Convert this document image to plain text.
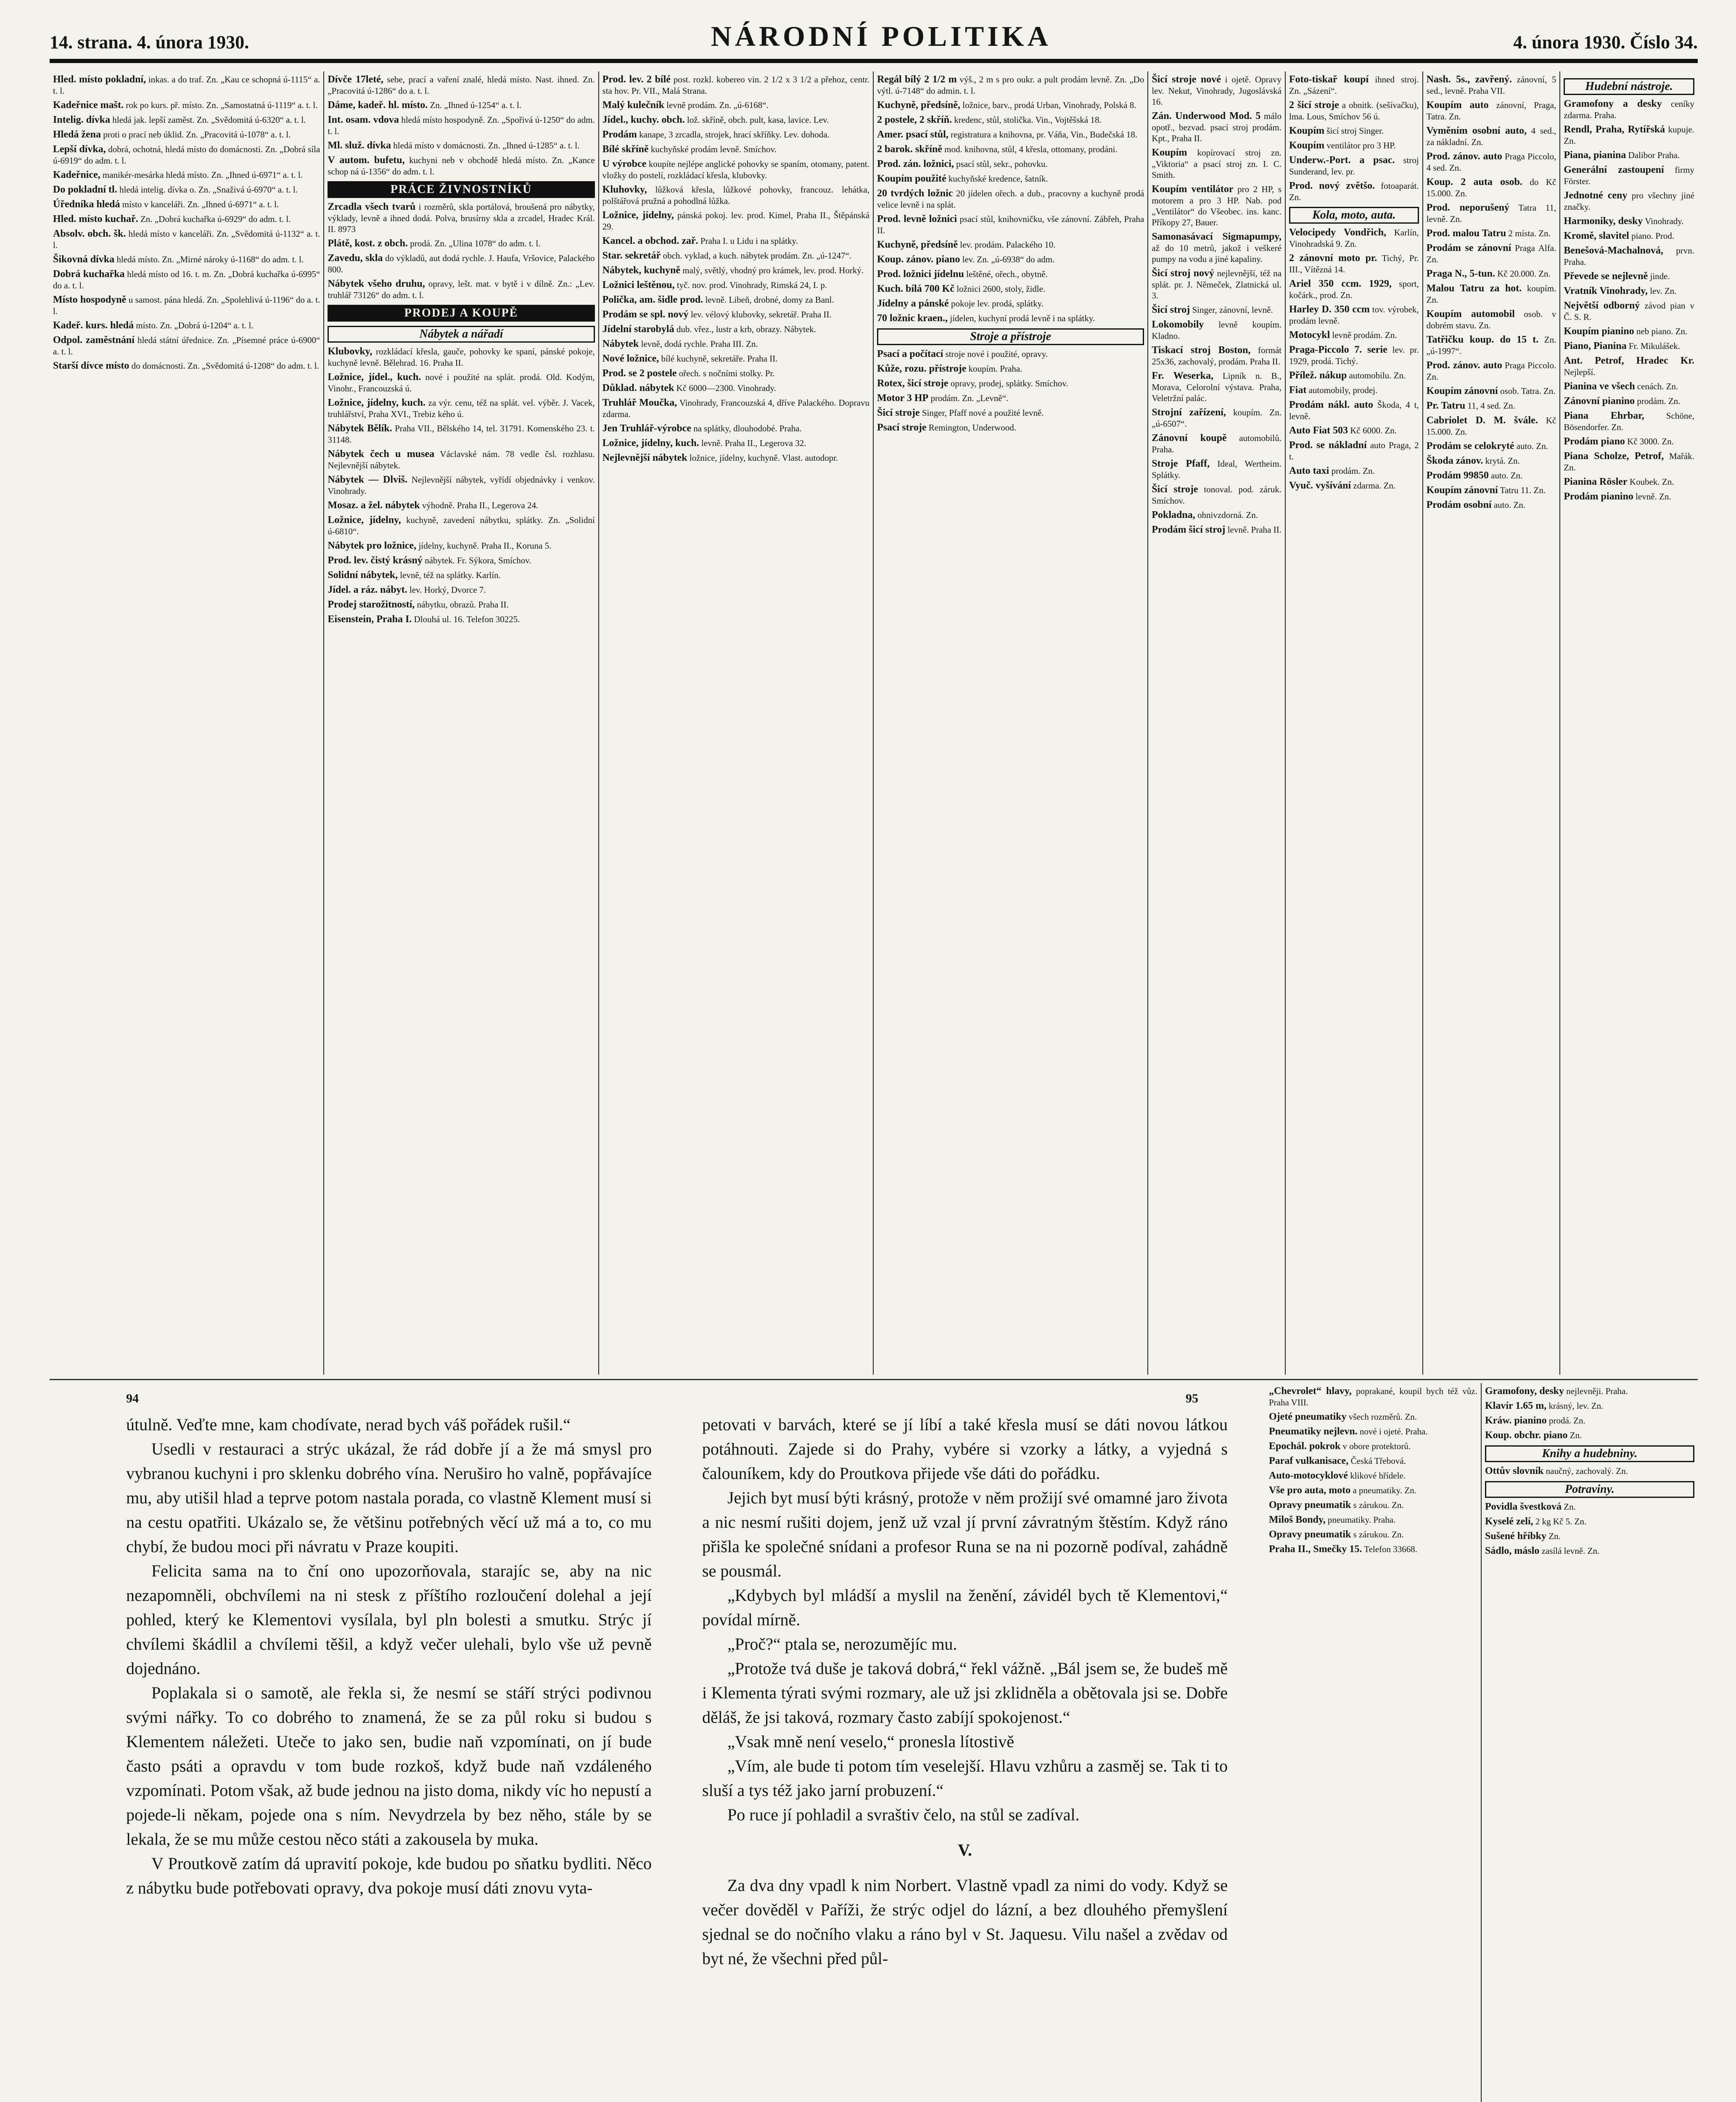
14. strana. 4. února 1930.	NÁRODNÍ POLITIKA	4. února 1930. Číslo 34.
Hled. místo pokladní, inkas. a do traf. Zn. „Kau ce schopná ú-1115“ a. t. l.
Kadeřnice mašt. rok po kurs. př. místo. Zn. „Samostatná ú-1119“ a. t. l.
Intelig. dívka hledá jak. lepší zaměst. Zn. „Svědomitá ú-6320“ a. t. l.
Hledá žena proti o prací neb úklid. Zn. „Pracovitá ú-1078“ a. t. l.
Lepší dívka, dobrá, ochotná, hledá místo do domácnosti. Zn. „Dobrá síla ú-6919“ do adm. t. l.
Kadeřnice, manikér-mesárka hledá místo. Zn. „Ihned ú-6971“ a. t. l.
Do pokladní tl. hledá intelig. dívka o. Zn. „Snaživá ú-6970“ a. t. l.
Úředníka hledá místo v kanceláři. Zn. „Ihned ú-6971“ a. t. l.
Hled. místo kuchař. Zn. „Dobrá kuchařka ú-6929“ do adm. t. l.
Absolv. obch. šk. hledá místo v kanceláři. Zn. „Svědomitá ú-1132“ a. t. l.
Šikovná dívka hledá místo. Zn. „Mirné nároky ú-1168“ do adm. t. l.
Dobrá kuchařka hledá místo od 16. t. m. Zn. „Dobrá kuchařka ú-6995“ do a. t. l.
Místo hospodyně u samost. pána hledá. Zn. „Spolehlivá ú-1196“ do a. t. l.
Kadeř. kurs. hledá místo. Zn. „Dobrá ú-1204“ a. t. l.
Odpol. zaměstnání hledá státní úřednice. Zn. „Písemné práce ú-6900“ a. t. l.
Starší dívce místo do domácnosti. Zn. „Svědomitá ú-1208“ do adm. t. l.
Dívče 17leté, sebe, prací a vaření znalé, hledá místo. Nast. ihned. Zn. „Pracovitá ú-1286“ do a. t. l.
Dáme, kadeř. hl. místo. Zn. „Ihned ú-1254“ a. t. l.
Int. osam. vdova hledá místo hospodyně. Zn. „Spořivá ú-1250“ do adm. t. l.
Ml. služ. dívka hledá místo v domácnosti. Zn. „Ihned ú-1285“ a. t. l.
V autom. bufetu, kuchyni neb v obchodě hledá místo. Zn. „Kance schop ná ú-1356“ do adm. t. l.
PRÁCE ŽIVNOSTNÍKŮ
Zrcadla všech tvarů i rozměrů, skla portálová, broušená pro nábytky, výklady, levně a ihned dodá. Polva, brusírny skla a zrcadel, Hradec Král. II. 8973
Plátě, kost. z obch. prodá. Zn. „Ulina 1078“ do adm. t. l.
Zavedu, skla do výkladů, aut dodá rychle. J. Haufa, Vršovice, Palackého 800.
Nábytek všeho druhu, opravy, lešt. mat. v bytě i v dílně. Zn.: „Lev. truhlář 73126“ do adm. t. l.
PRODEJ A KOUPĚ
Nábytek a nářadí
Klubovky, rozkládací křesla, gauče, pohovky ke spaní, pánské pokoje, kuchyně levně. Bělehrad. 16. Praha II.
Ložnice, jídel., kuch. nové i použité na splát. prodá. Old. Kodým, Vinohr., Francouzská ú.
Ložnice, jídelny, kuch. za výr. cenu, též na splát. vel. výběr. J. Vacek, truhlářství, Praha XVI., Trebiz kého ú.
Nábytek Bělík. Praha VII., Bělského 14, tel. 31791. Komenského 23. t. 31148.
Nábytek čech u musea Václavské nám. 78 vedle čsl. rozhlasu. Nejlevnější nábytek.
Nábytek — Dlviš. Nejlevnější nábytek, vyřídí objednávky i venkov. Vinohrady.
Mosaz. a žel. nábytek výhodně. Praha II., Legerova 24.
Ložnice, jídelny, kuchyně, zavedení nábytku, splátky. Zn. „Solidní ú-6810“.
Nábytek pro ložnice, jídelny, kuchyně. Praha II., Koruna 5.
Prod. lev. čistý krásný nábytek. Fr. Sýkora, Smíchov.
Solidní nábytek, levně, též na splátky. Karlín.
Jídel. a ráz. nábyt. lev. Horký, Dvorce 7.
Prodej starožitností, nábytku, obrazů. Praha II.
Eisenstein, Praha I. Dlouhá ul. 16. Telefon 30225.
Prod. lev. 2 bílé post. rozkl. kobereo vin. 2 1/2 x 3 1/2 a přehoz, centr. sta hov. Pr. VII., Malá Strana.
Malý kulečník levně prodám. Zn. „ú-6168“.
Jídel., kuchy. obch. lož. skříně, obch. pult, kasa, lavice. Lev.
Prodám kanape, 3 zrcadla, strojek, hrací skříňky. Lev. dohoda.
Bílé skříně kuchyňské prodám levně. Smíchov.
U výrobce koupíte nejlépe anglické pohovky se spaním, otomany, patent. vložky do postelí, rozkládací křesla, klubovky.
Kluhovky, lůžková křesla, lůžkové pohovky, francouz. lehátka, polštářová pružná a pohodlná lůžka.
Ložnice, jídelny, pánská pokoj. lev. prod. Kimel, Praha II., Štěpánská 29.
Kancel. a obchod. zař. Praha I. u Lidu i na splátky.
Star. sekretář obch. vyklad, a kuch. nábytek prodám. Zn. „ú-1247“.
Nábytek, kuchyně malý, světlý, vhodný pro krámek, lev. prod. Horký.
Ložnici leštěnou, tyč. nov. prod. Vinohrady, Rimská 24, I. p.
Polička, am. šidle prod. levně. Libeň, drobné, domy za Banl.
Prodám se spl. nový lev. vélový klubovky, sekretář. Praha II.
Jídelní starobylá dub. vřez., lustr a krb, obrazy. Nábytek.
Nábytek levně, dodá rychle. Praha III. Zn.
Nové ložnice, bílé kuchyně, sekretáře. Praha II.
Prod. se 2 postele ořech. s nočními stolky. Pr.
Důklad. nábytek Kč 6000—2300. Vinohrady.
Truhlář Moučka, Vinohrady, Francouzská 4, dříve Palackého. Dopravu zdarma.
Jen Truhlář-výrobce na splátky, dlouhodobé. Praha.
Ložnice, jídelny, kuch. levně. Praha II., Legerova 32.
Nejlevnější nábytek ložnice, jídelny, kuchyně. Vlast. autodopr.
Regál bílý 2 1/2 m výš., 2 m s pro oukr. a pult prodám levně. Zn. „Do výtl. ú-7148“ do admin. t. l.
Kuchyně, předsíně, ložnice, barv., prodá Urban, Vinohrady, Polská 8.
2 postele, 2 skříň. kredenc, stůl, stolička. Vin., Vojtěšská 18.
Amer. psací stůl, registratura a knihovna, pr. Váňa, Vin., Budečská 18.
2 barok. skříně mod. knihovna, stůl, 4 křesla, ottomany, prodáni.
Prod. zán. ložnici, psací stůl, sekr., pohovku.
Koupím použité kuchyňské kredence, šatník.
20 tvrdých ložnic 20 jídelen ořech. a dub., pracovny a kuchyně prodá velice levně i na splát.
Prod. levně ložnici psací stůl, knihovničku, vše zánovní. Zábřeh, Praha II.
Kuchyně, předsíně lev. prodám. Palackého 10.
Koup. zánov. piano lev. Zn. „ú-6938“ do adm.
Prod. ložnici jídelnu leštěné, ořech., obytně.
Kuch. bílá 700 Kč ložnici 2600, stoly, židle.
Jídelny a pánské pokoje lev. prodá, splátky.
70 ložnic kraen., jídelen, kuchyní prodá levně i na splátky.
Stroje a přístroje
Psací a počítací stroje nové i použité, opravy.
Kůže, rozu. přístroje koupím. Praha.
Rotex, šicí stroje opravy, prodej, splátky. Smíchov.
Motor 3 HP prodám. Zn. „Levně“.
Šicí stroje Singer, Pfaff nové a použité levně.
Psací stroje Remington, Underwood.
Šicí stroje nové i ojetě. Opravy lev. Nekut, Vinohrady, Jugoslávská 16.
Zán. Underwood Mod. 5 málo opotř., bezvad. psací stroj prodám. Kpt., Praha II.
Koupím kopírovací stroj zn. „Viktoria“ a psací stroj zn. I. C. Smith.
Koupím ventilátor pro 2 HP, s motorem a pro 3 HP. Nab. pod „Ventilátor“ do Všeobec. ins. kanc. Příkopy 27, Bauer.
Samonasávací Sigmapumpy, až do 10 metrů, jakož i veškeré pumpy na vodu a jiné kapaliny.
Šicí stroj nový nejlevnější, též na splát. pr. J. Němeček, Zlatnická ul. 3.
Šicí stroj Singer, zánovní, levně.
Lokomobily levně koupím. Kladno.
Tiskací stroj Boston, formát 25x36, zachovalý, prodám. Praha II.
Fr. Weserka, Lipník n. B., Morava, Celorolní výstava. Praha, Veletržní palác.
Strojní zařízení, koupím. Zn. „ú-6507“.
Zánovní koupě automobilů. Praha.
Stroje Pfaff, Ideal, Wertheim. Splátky.
Šicí stroje tonoval. pod. záruk. Smíchov.
Pokladna, ohnivzdorná. Zn.
Prodám šicí stroj levně. Praha II.
Foto-tiskař koupí ihned stroj. Zn. „Sázení“.
2 šicí stroje a obnitk. (sešívačku), lma. Lous, Smíchov 56 ú.
Koupím šicí stroj Singer.
Koupím ventilátor pro 3 HP.
Underw.-Port. a psac. stroj Sunderand, lev. pr.
Prod. nový zvětšo. fotoaparát. Zn.
Kola, moto, auta.
Velocipedy Vondřich, Karlín, Vinohradská 9. Zn.
2 zánovní moto pr. Tichý, Pr. III., Vítězná 14.
Ariel 350 ccm. 1929, sport, kočárk., prod. Zn.
Harley D. 350 ccm tov. výrobek, prodám levně.
Motocykl levně prodám. Zn.
Praga-Piccolo 7. serie lev. pr. 1929, prodá. Tichý.
Přílež. nákup automobilu. Zn.
Fiat automobily, prodej.
Prodám nákl. auto Škoda, 4 t, levně.
Auto Fiat 503 Kč 6000. Zn.
Prod. se nákladní auto Praga, 2 t.
Auto taxi prodám. Zn.
Vyuč. vyšívání zdarma. Zn.
Nash. 5s., zavřený. zánovní, 5 sed., levně. Praha VII.
Koupím auto zánovní, Praga, Tatra. Zn.
Vyměním osobní auto, 4 sed., za nákladní. Zn.
Prod. zánov. auto Praga Piccolo, 4 sed. Zn.
Koup. 2 auta osob. do Kč 15.000. Zn.
Prod. neporušený Tatra 11, levně. Zn.
Prod. malou Tatru 2 místa. Zn.
Prodám se zánovní Praga Alfa. Zn.
Praga N., 5-tun. Kč 20.000. Zn.
Malou Tatru za hot. koupím. Zn.
Koupím automobil osob. v dobrém stavu. Zn.
Tatřičku koup. do 15 t. Zn. „ú-1997“.
Prod. zánov. auto Praga Piccolo. Zn.
Koupím zánovní osob. Tatra. Zn.
Pr. Tatru 11, 4 sed. Zn.
Cabriolet D. M. švále. Kč 15.000. Zn.
Prodám se celokryté auto. Zn.
Škoda zánov. krytá. Zn.
Prodám 99850 auto. Zn.
Koupím zánovní Tatru 11. Zn.
Prodám osobní auto. Zn.
Hudební nástroje.
Gramofony a desky ceníky zdarma. Praha.
Rendl, Praha, Rytířská kupuje. Zn.
Piana, pianina Dalibor Praha.
Generální zastoupení firmy Förster.
Jednotné ceny pro všechny jiné značky.
Harmoniky, desky Vinohrady.
Kromě, slavitel piano. Prod.
Benešová-Machalnová, prvn. Praha.
Převede se nejlevně jinde.
Vratník Vinohrady, lev. Zn.
Největší odborný závod pian v Č. S. R.
Koupím pianino neb piano. Zn.
Piano, Pianina Fr. Mikulášek.
Ant. Petrof, Hradec Kr. Nejlepší.
Pianina ve všech cenách. Zn.
Zánovní pianino prodám. Zn.
Piana Ehrbar, Schöne, Bösendorfer. Zn.
Prodám piano Kč 3000. Zn.
Piana Scholze, Petrof, Mařák. Zn.
Pianina Rösler Koubek. Zn.
Prodám pianino levně. Zn.
94	95

útulně. Veďte mne, kam chodívate, nerad bych váš pořádek rušil.“

Usedli v restauraci a strýc ukázal, že rád dobře jí a že má smysl pro vybranou kuchyni i pro sklenku dobrého vína. Neruširo ho valně, popřávajíce mu, aby utišil hlad a teprve potom nastala porada, co vlastně Klement musí si na cestu opatřiti. Ukázalo se, že většinu potřebných věcí už má a to, co mu chybí, že budou moci při návratu v Praze koupiti.

Felicita sama na to ční ono upozorňovala, starajíc se, aby na nic nezapomněli, obchvílemi na ni stesk z příštího rozloučení dolehal a její pohled, který ke Klementovi vysílala, byl pln bolesti a smutku. Strýc jí chvílemi škádlil a chvílemi těšil, a když večer ulehali, bylo vše už pevně dojednáno.

Poplakala si o samotě, ale řekla si, že nesmí se stáří strýci podivnou svými nářky. To co dobrého to znamená, že se za půl roku si budou s Klementem náležeti. Uteče to jako sen, budie naň vzpomínati, on jí bude často psáti a opravdu v tom bude rozkoš, když bude naň vzdáleného vzpomínati. Potom však, až bude jednou na jisto doma, nikdy víc ho nepustí a pojede-li někam, pojede ona s ním. Nevydrzela by bez něho, stále by se lekala, že se mu může cestou něco státi a zakousela by muka.

V Proutkově zatím dá upravití pokoje, kde budou po sňatku bydliti. Něco z nábytku bude potřebovati opravy, dva pokoje musí dáti znovu vyta-

petovati v barvách, které se jí líbí a také křesla musí se dáti novou látkou potáhnouti. Zajede si do Prahy, vybére si vzorky a látky, a vyjedná s čalouníkem, kdy do Proutkova přijede vše dáti do pořádku.

Jejich byt musí býti krásný, protože v něm prožijí své omamné jaro života a nic nesmí rušiti dojem, jenž už vzal jí první závratným štěstím. Když ráno přišla ke společné snídani a profesor Runa se na ni pozorně podíval, zahádně se pousmál.

„Kdybych byl mládší a myslil na ženění, závidél bych tě Klementovi,“ povídal mírně.

„Proč?“ ptala se, nerozumějíc mu.

„Protože tvá duše je taková dobrá,“ řekl vážně. „Bál jsem se, že budeš mě i Klementa týrati svými rozmary, ale už jsi zklidněla a obětovala jsi se. Dobře děláš, že jsi taková, rozmary často zabíjí spokojenost.“

„Vsak mně není veselo,“ pronesla lítostivě

„Vím, ale bude ti potom tím veselejší. Hlavu vzhůru a zasměj se. Tak ti to sluší a tys též jako jarní probuzení.“

Po ruce jí pohladil a svraštiv čelo, na stůl se zadíval.

V.

Za dva dny vpadl k nim Norbert. Vlastně vpadl za nimi do vody. Když se večer dověděl v Paříži, že strýc odjel do lázní, a bez dlouhého přemyšlení sjednal se do nočního vlaku a ráno byl v St. Jaquesu. Vilu našel a zvědav od byt né, že všechni před půl-

„Chevrolet“ hlavy, poprakané, koupil bych též vůz. Praha VIII.
Ojeté pneumatiky všech rozměrů. Zn.
Pneumatiky nejlevn. nové i ojeté. Praha.
Epochál. pokrok v obore protektorů.
Paraf vulkanisace, Česká Třebová.
Auto-motocyklové klikové hřídele.
Vše pro auta, moto a pneumatiky. Zn.
Opravy pneumatik s zárukou. Zn.
Miloš Bondy, pneumatiky. Praha.
Opravy pneumatik s zárukou. Zn.
Praha II., Smečky 15. Telefon 33668.
Gramofony, desky nejlevněji. Praha.
Klavír 1.65 m, krásný, lev. Zn.
Kráw. pianino prodá. Zn.
Koup. obchr. piano Zn.
Knihy a hudebniny.
Ottův slovník naučný, zachovalý. Zn.
Potraviny.
Povidla švestková Zn.
Kyselé zelí, 2 kg Kč 5. Zn.
Sušené hříbky Zn.
Sádlo, máslo zasílá levně. Zn.
